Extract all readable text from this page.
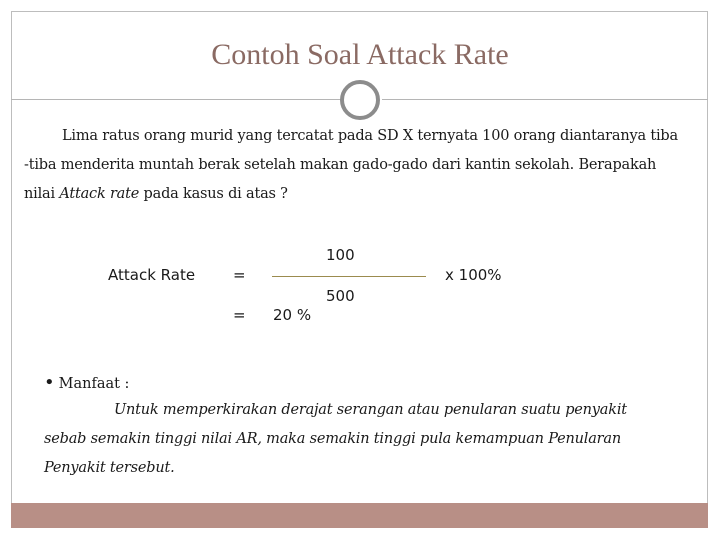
Contoh Soal Attack Rate
Lima ratus orang murid yang tercatat pada SD X ternyata 100 orang diantaranya tiba
-tiba menderita muntah berak setelah makan gado-gado dari kantin sekolah. Berapakah
nilai Attack rate pada kasus di atas ?
Attack Rate	=
100
500
x 100%
= 20 %
• Manfaat :
Untuk memperkirakan derajat serangan atau penularan suatu penyakit
sebab semakin tinggi nilai AR, maka semakin tinggi pula kemampuan Penularan
Penyakit tersebut.
